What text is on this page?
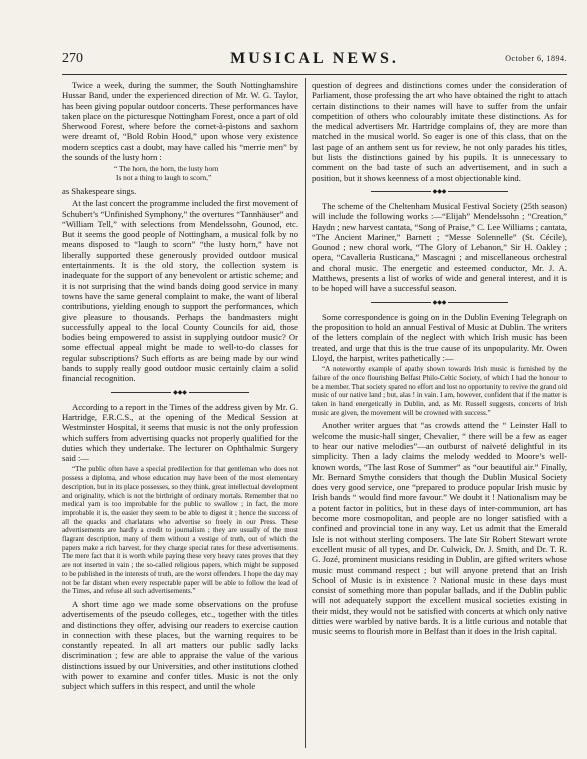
270	MUSICAL NEWS.	October 6, 1894.

Twice a week, during the summer, the South Nottinghamshire Hussar Band, under the experienced direction of Mr. W. G. Taylor, has been giving popular outdoor concerts. These performances have taken place on the picturesque Nottingham Forest, once a part of old Sherwood Forest, where before the cornet-à-pistons and saxhorn were dreamt of, “Bold Robin Hood,” upon whose very existence modern sceptics cast a doubt, may have called his “merrie men” by the sounds of the lusty horn :

“ The horn, the horn, the lusty horn
Is not a thing to laugh to scorn,”

as Shakespeare sings.

At the last concert the programme included the first movement of Schubert’s “Unfinished Symphony,” the overtures “Tannhäuser” and “William Tell,” with selections from Mendelssohn, Gounod, etc. But it seems the good people of Nottingham, a musical folk by no means disposed to “laugh to scorn” “the lusty horn,” have not liberally supported these generously provided outdoor musical entertainments. It is the old story, the collection system is inadequate for the support of any benevolent or artistic scheme; and it is not surprising that the wind bands doing good service in many towns have the same general complaint to make, the want of liberal contributions, yielding enough to support the performances, which give pleasure to thousands. Perhaps the bandmasters might successfully appeal to the local County Councils for aid, those bodies being empowered to assist in supplying outdoor music? Or some effectual appeal might be made to well-to-do classes for regular subscriptions? Such efforts as are being made by our wind bands to supply really good outdoor music certainly claim a solid financial recognition.

◆◆◆

According to a report in the Times of the address given by Mr. G. Hartridge, F.R.C.S., at the opening of the Medical Session at Westminster Hospital, it seems that music is not the only profession which suffers from advertising quacks not properly qualified for the duties which they undertake. The lecturer on Ophthalmic Surgery said :—

“The public often have a special predilection for that gentleman who does not possess a diploma, and whose education may have been of the most elementary description, but in its place possesses, so they think, great intellectual development and originality, which is not the birthright of ordinary mortals. Remember that no medical yarn is too improbable for the public to swallow ; in fact, the more improbable it is, the easier they seem to be able to digest it ; hence the success of all the quacks and charlatans who advertise so freely in our Press. These advertisements are hardly a credit to journalism ; they are usually of the most flagrant description, many of them without a vestige of truth, out of which the papers make a rich harvest, for they charge special rates for these advertisements. The mere fact that it is worth while paying these very heavy rates proves that they are not inserted in vain ; the so-called religious papers, which might be supposed to be published in the interests of truth, are the worst offenders. I hope the day may not be far distant when every respectable paper will be able to follow the lead of the Times, and refuse all such advertisements.”

A short time ago we made some observations on the profuse advertisements of the pseudo colleges, etc., together with the titles and distinctions they offer, advising our readers to exercise caution in connection with these places, but the warning requires to be constantly repeated. In all art matters our public sadly lacks discrimination ; few are able to appraise the value of the various distinctions issued by our Universities, and other institutions clothed with power to examine and confer titles. Music is not the only subject which suffers in this respect, and until the whole

question of degrees and distinctions comes under the consideration of Parliament, those professing the art who have obtained the right to attach certain distinctions to their names will have to suffer from the unfair competition of others who colourably imitate these distinctions. As for the medical advertisers Mr. Hartridge complains of, they are more than matched in the musical world. So eager is one of this class, that on the last page of an anthem sent us for review, he not only parades his titles, but lists the distinctions gained by his pupils. It is unnecessary to comment on the bad taste of such an advertisement, and in such a position, but it shows keenness of a most objectionable kind.

◆◆◆

The scheme of the Cheltenham Musical Festival Society (25th season) will include the following works :—“Elijah” Mendelssohn ; “Creation,” Haydn ; new harvest cantata, “Song of Praise,” C. Lee Williams ; cantata, “The Ancient Mariner,” Barnett ; “Messe Solennelle” (St. Cécile), Gounod ; new choral work, “The Glory of Lebanon,” Sir H. Oakley ; opera, “Cavalleria Rusticana,” Mascagni ; and miscellaneous orchestral and choral music. The energetic and esteemed conductor, Mr. J. A. Matthews, presents a list of works of wide and general interest, and it is to be hoped will have a successful season.

◆◆◆

Some correspondence is going on in the Dublin Evening Telegraph on the proposition to hold an annual Festival of Music at Dublin. The writers of the letters complain of the neglect with which Irish music has been treated, and urge that this is the true cause of its unpopularity. Mr. Owen Lloyd, the harpist, writes pathetically :—

“A noteworthy example of apathy shown towards Irish music is furnished by the failure of the once flourishing Belfast Philo-Celtic Society, of which I had the honour to be a member. That society spared no effort and lost no opportunity to revive the grand old music of our native land ; but, alas ! in vain. I am, however, confident that if the matter is taken in hand energetically in Dublin, and, as Mr. Russell suggests, concerts of Irish music are given, the movement will be crowned with success.”

Another writer argues that “as crowds attend the “ Leinster Hall to welcome the music-hall singer, Chevalier, “ there will be a few as eager to hear our native melodies”—an outburst of naïveté delightful in its simplicity. Then a lady claims the melody wedded to Moore’s well-known words, “The last Rose of Summer” as “our beautiful air.” Finally, Mr. Bernard Smythe considers that though the Dublin Musical Society does very good service, one “prepared to produce popular Irish music by Irish bands “ would find more favour.” We doubt it ! Nationalism may be a potent factor in politics, but in these days of inter-communion, art has become more cosmopolitan, and people are no longer satisfied with a confined and provincial tone in any way. Let us admit that the Emerald Isle is not without sterling composers. The late Sir Robert Stewart wrote excellent music of all types, and Dr. Culwick, Dr. J. Smith, and Dr. T. R. G. Jozé, prominent musicians residing in Dublin, are gifted writers whose music must command respect ; but will anyone pretend that an Irish School of Music is in existence ? National music in these days must consist of something more than popular ballads, and if the Dublin public will not adequately support the excellent musical societies existing in their midst, they would not be satisfied with concerts at which only native ditties were warbled by native bards. It is a little curious and notable that music seems to flourish more in Belfast than it does in the Irish capital.
